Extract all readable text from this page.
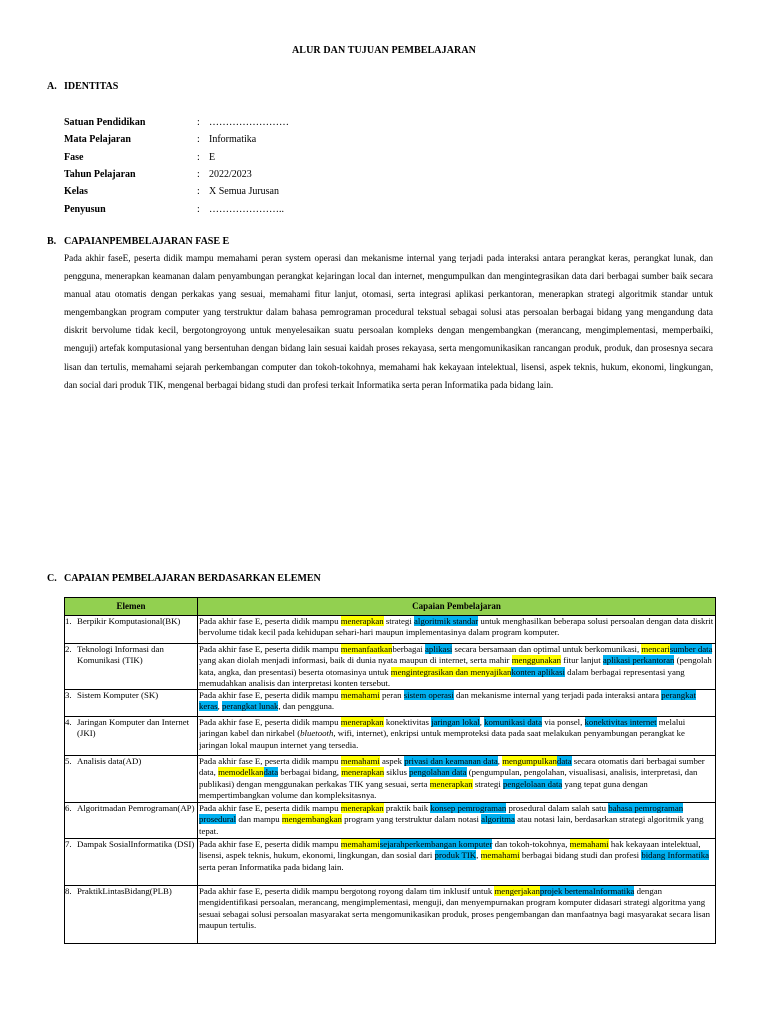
ALUR DAN TUJUAN PEMBELAJARAN
A. IDENTITAS
Satuan Pendidikan	: ……………………
Mata Pelajaran	: Informatika
Fase	: E
Tahun Pelajaran	: 2022/2023
Kelas	: X Semua Jurusan
Penyusun	: …………………..
B. CAPAIANPEMBELAJARAN FASE E
Pada akhir faseE, peserta didik mampu memahami peran system operasi dan mekanisme internal yang terjadi pada interaksi antara perangkat keras, perangkat lunak, dan pengguna, menerapkan keamanan dalam penyambungan perangkat kejaringan local dan internet, mengumpulkan dan mengintegrasikan data dari berbagai sumber baik secara manual atau otomatis dengan perkakas yang sesuai, memahami fitur lanjut, otomasi, serta integrasi aplikasi perkantoran, menerapkan strategi algoritmik standar untuk mengembangkan program computer yang terstruktur dalam bahasa pemrograman procedural tekstual sebagai solusi atas persoalan berbagai bidang yang mengandung data diskrit bervolume tidak kecil, bergotongroyong untuk menyelesaikan suatu persoalan kompleks dengan mengembangkan (merancang, mengimplementasi, memperbaiki, menguji) artefak komputasional yang bersentuhan dengan bidang lain sesuai kaidah proses rekayasa, serta mengomunikasikan rancangan produk, produk, dan prosesnya secara lisan dan tertulis, memahami sejarah perkembangan computer dan tokoh-tokohnya, memahami hak kekayaan intelektual, lisensi, aspek teknis, hukum, ekonomi, lingkungan, dan social dari produk TIK, mengenal berbagai bidang studi dan profesi terkait Informatika serta peran Informatika pada bidang lain.
C. CAPAIAN PEMBELAJARAN BERDASARKAN ELEMEN
Elemen	Capaian Pembelajaran

1. Berpikir Komputasional(BK)	Pada akhir fase E, peserta didik mampu menerapkan strategi algoritmik standar untuk menghasilkan beberapa solusi persoalan dengan data diskrit bervolume tidak kecil pada kehidupan sehari-hari maupun implementasinya dalam program komputer.

2. Teknologi Informasi dan Komunikasi (TIK)	Pada akhir fase E, peserta didik mampu memanfaatkanberbagai aplikasi secara bersamaan dan optimal untuk berkomunikasi, mencarisumber data yang akan diolah menjadi informasi, baik di dunia nyata maupun di internet, serta mahir menggunakan fitur lanjut aplikasi perkantoran (pengolah kata, angka, dan presentasi) beserta otomasinya untuk mengintegrasikan dan menyajikankonten aplikasi dalam berbagai representasi yang memudahkan analisis dan interpretasi konten tersebut.

3. Sistem Komputer (SK)	Pada akhir fase E, peserta didik mampu memahami peran sistem operasi dan mekanisme internal yang terjadi pada interaksi antara perangkat keras, perangkat lunak, dan pengguna.

4. Jaringan Komputer dan Internet (JKI)	Pada akhir fase E, peserta didik mampu menerapkan konektivitas jaringan lokal, komunikasi data via ponsel, konektivitas internet melalui jaringan kabel dan nirkabel (bluetooth, wifi, internet), enkripsi untuk memproteksi data pada saat melakukan penyambungan perangkat ke jaringan lokal maupun internet yang tersedia.

5. Analisis data(AD)	Pada akhir fase E, peserta didik mampu memahami aspek privasi dan keamanan data, mengumpulkandata secara otomatis dari berbagai sumber data, memodelkandata berbagai bidang, menerapkan siklus pengolahan data (pengumpulan, pengolahan, visualisasi, analisis, interpretasi, dan publikasi) dengan menggunakan perkakas TIK yang sesuai, serta menerapkan strategi pengelolaan data yang tepat guna dengan mempertimbangkan volume dan kompleksitasnya.

6. Algoritmadan Pemrograman(AP)	Pada akhir fase E, peserta didik mampu menerapkan praktik baik konsep pemrograman prosedural dalam salah satu bahasa pemrograman prosedural dan mampu mengembangkan program yang terstruktur dalam notasi algoritma atau notasi lain, berdasarkan strategi algoritmik yang tepat.

7. Dampak SosialInformatika (DSI)	Pada akhir fase E, peserta didik mampu memahamisejarahperkembangan komputer dan tokoh-tokohnya, memahami hak kekayaan intelektual, lisensi, aspek teknis, hukum, ekonomi, lingkungan, dan sosial dari produk TIK, memahami berbagai bidang studi dan profesi bidang Informatika serta peran Informatika pada bidang lain.

8. PraktikLintasBidang(PLB)	Pada akhir fase E, peserta didik mampu bergotong royong dalam tim inklusif untuk mengerjakanprojek bertemaInformatika dengan mengidentifikasi persoalan, merancang, mengimplementasi, menguji, dan menyempurnakan program komputer didasari strategi algoritma yang sesuai sebagai solusi persoalan masyarakat serta mengomunikasikan produk, proses pengembangan dan manfaatnya bagi masyarakat secara lisan maupun tertulis.
